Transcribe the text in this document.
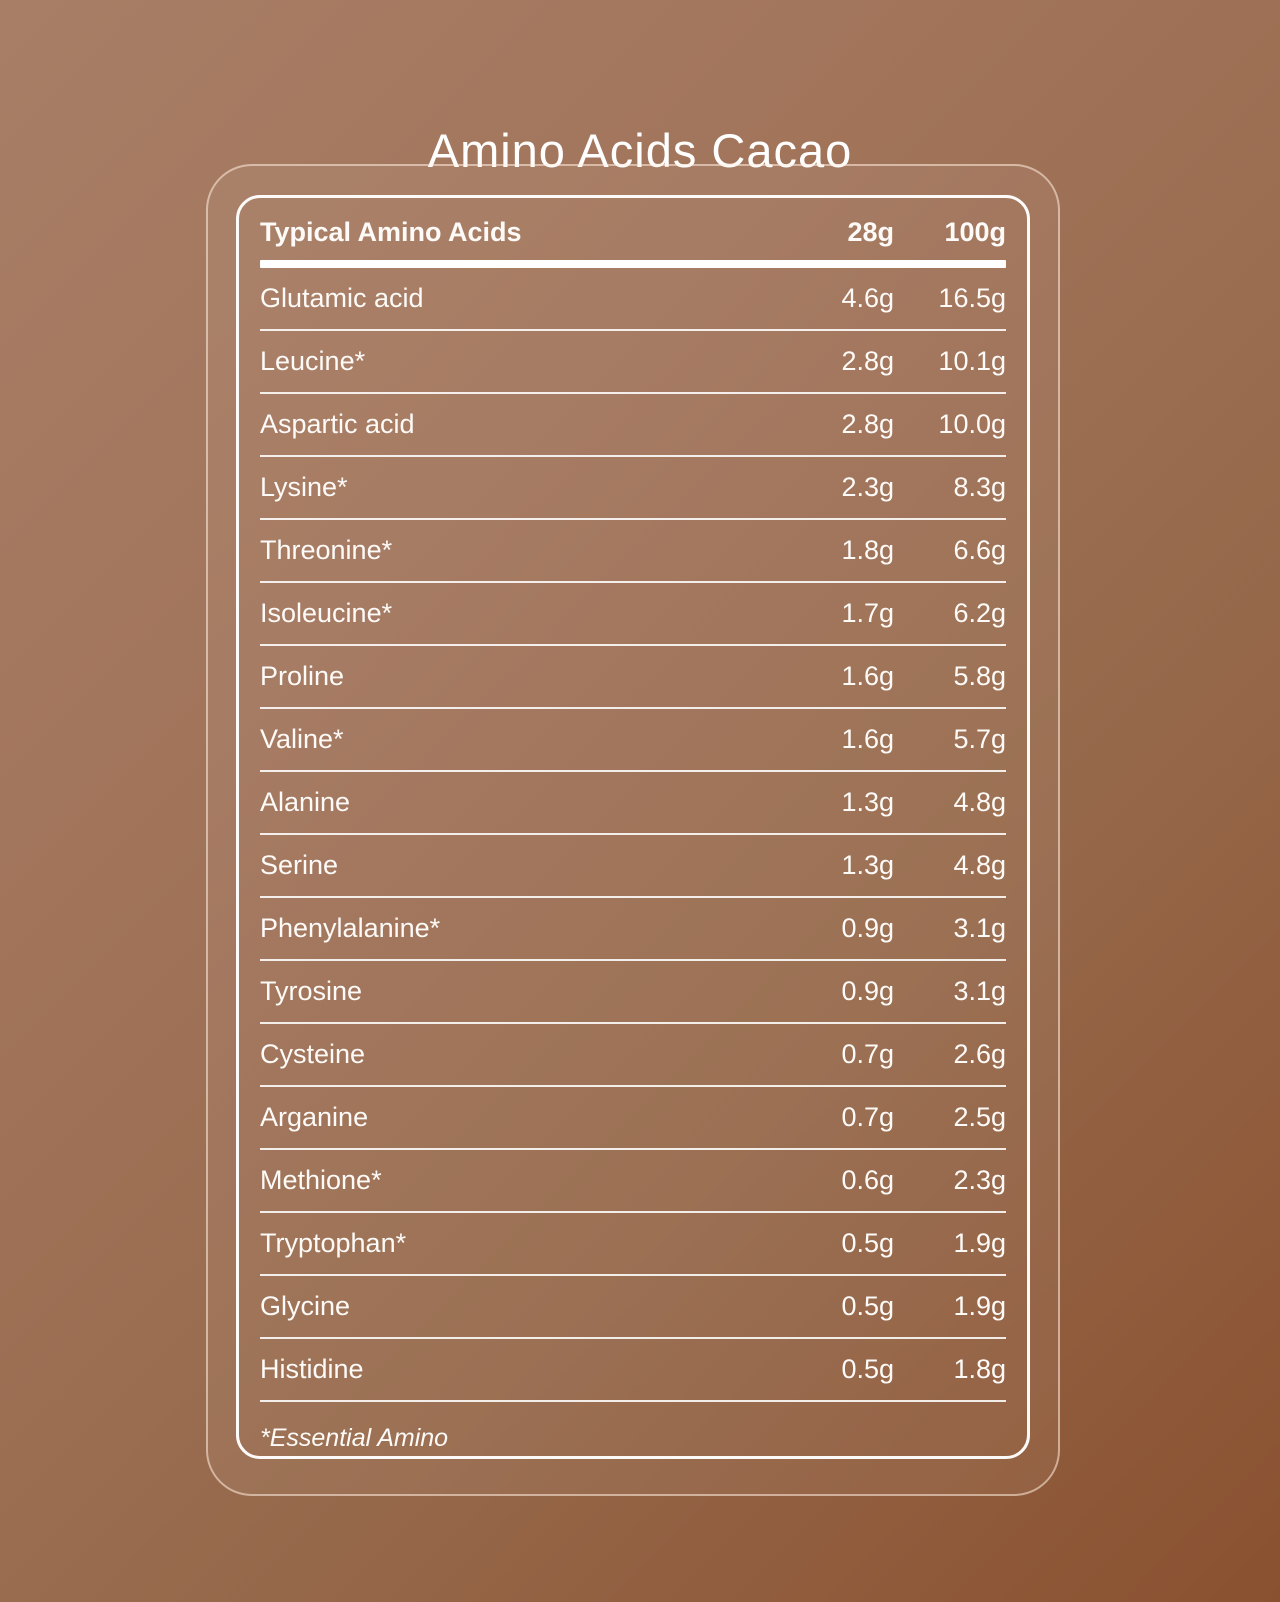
Amino Acids Cacao
Typical Amino Acids	28g	100g
Glutamic acid	4.6g	16.5g
Leucine*	2.8g	10.1g
Aspartic acid	2.8g	10.0g
Lysine*	2.3g	8.3g
Threonine*	1.8g	6.6g
Isoleucine*	1.7g	6.2g
Proline	1.6g	5.8g
Valine*	1.6g	5.7g
Alanine	1.3g	4.8g
Serine	1.3g	4.8g
Phenylalanine*	0.9g	3.1g
Tyrosine	0.9g	3.1g
Cysteine	0.7g	2.6g
Arganine	0.7g	2.5g
Methione*	0.6g	2.3g
Tryptophan*	0.5g	1.9g
Glycine	0.5g	1.9g
Histidine	0.5g	1.8g
*Essential Amino
